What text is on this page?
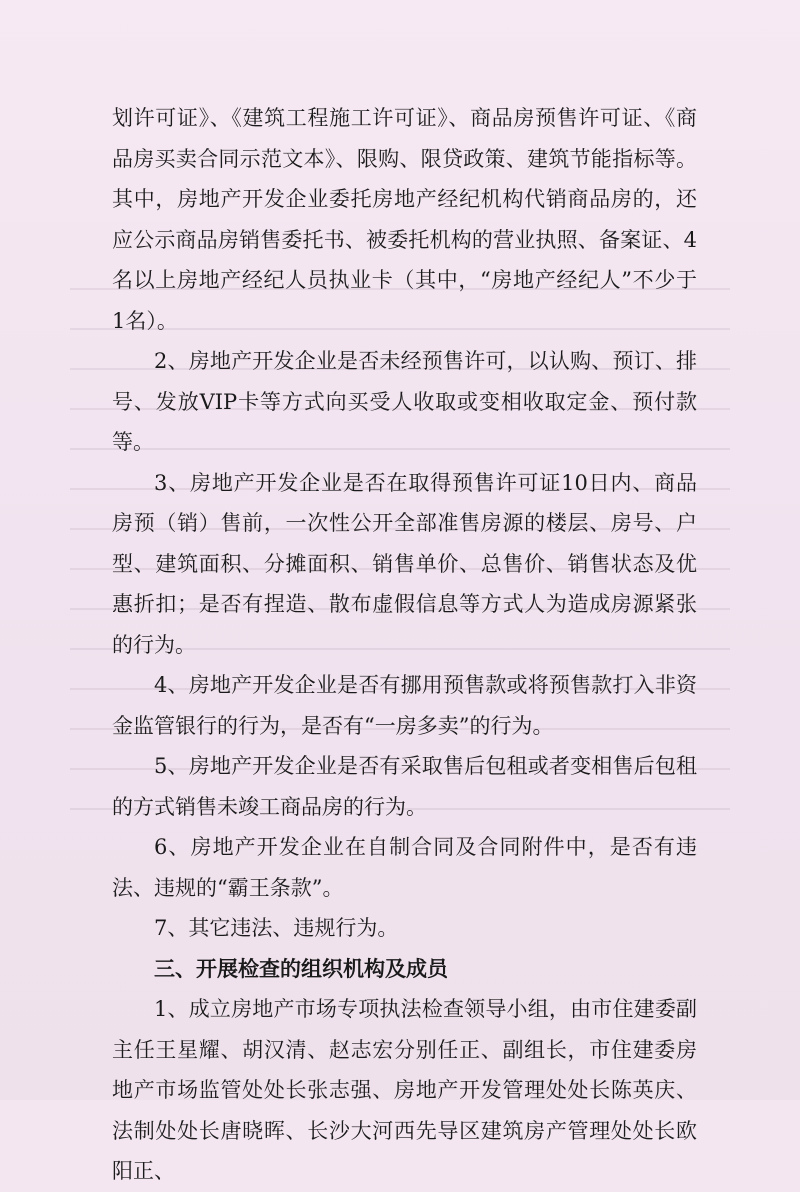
划许可证》、《建筑工程施工许可证》、商品房预售许可证、《商品房买卖合同示范文本》、限购、限贷政策、建筑节能指标等。其中，房地产开发企业委托房地产经纪机构代销商品房的，还应公示商品房销售委托书、被委托机构的营业执照、备案证、4名以上房地产经纪人员执业卡（其中，“房地产经纪人”不少于 1名）。

2、房地产开发企业是否未经预售许可，以认购、预订、排号、发放VIP卡等方式向买受人收取或变相收取定金、预付款等。

3、房地产开发企业是否在取得预售许可证10日内、商品房预（销）售前，一次性公开全部准售房源的楼层、房号、户型、建筑面积、分摊面积、销售单价、总售价、销售状态及优惠折扣；是否有捏造、散布虚假信息等方式人为造成房源紧张的行为。

4、房地产开发企业是否有挪用预售款或将预售款打入非资金监管银行的行为，是否有“一房多卖”的行为。

5、房地产开发企业是否有采取售后包租或者变相售后包租的方式销售未竣工商品房的行为。

6、房地产开发企业在自制合同及合同附件中，是否有违法、违规的“霸王条款”。

7、其它违法、违规行为。

三、开展检查的组织机构及成员

1、成立房地产市场专项执法检查领导小组，由市住建委副主任王星耀、胡汉清、赵志宏分别任正、副组长，市住建委房地产市场监管处处长张志强、房地产开发管理处处长陈英庆、法制处处长唐晓晖、长沙大河西先导区建筑房产管理处处长欧阳正、
